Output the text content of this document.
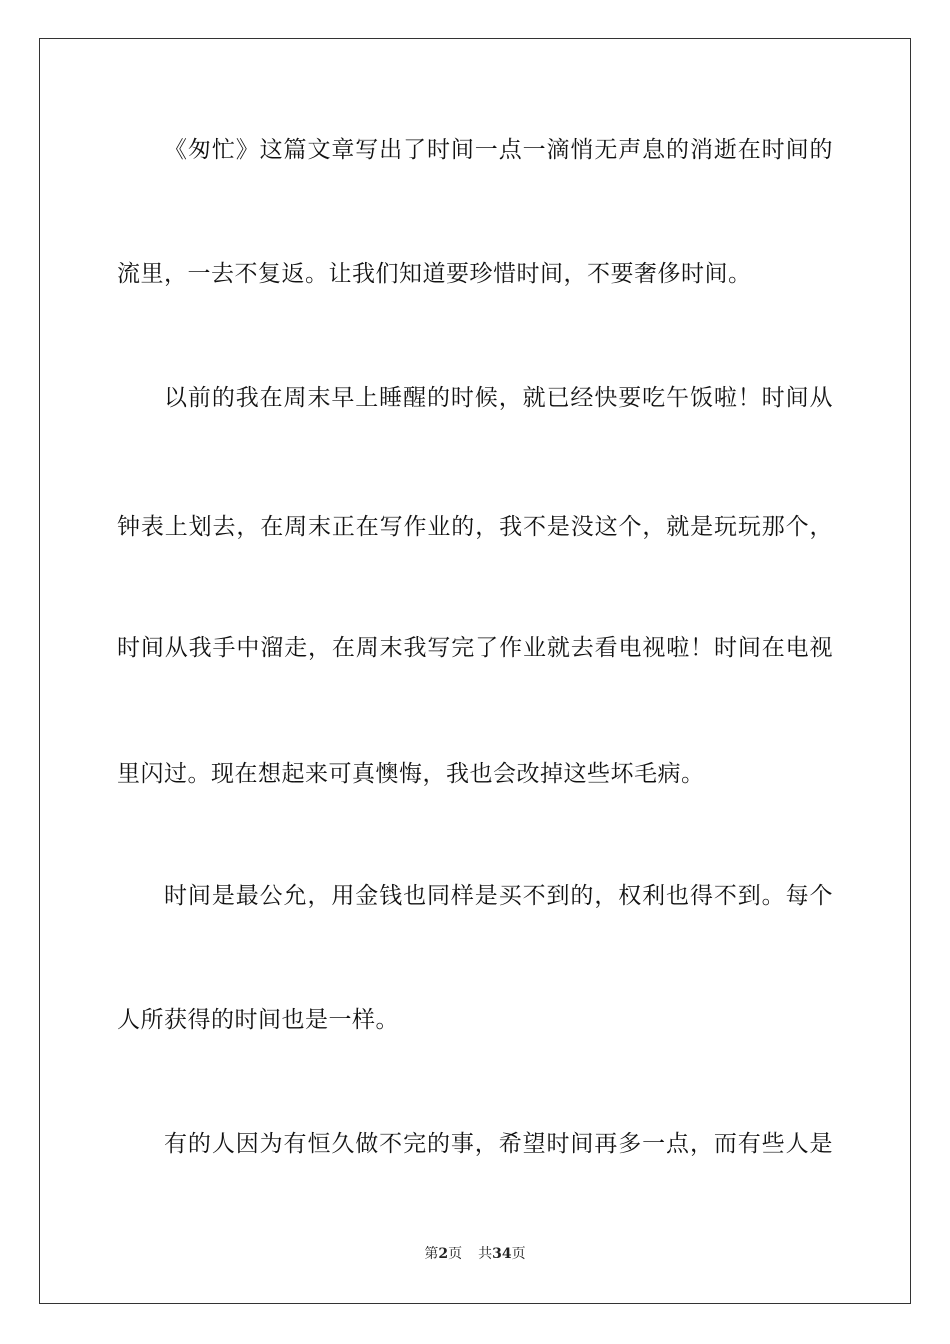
《匆忙》这篇文章写出了时间一点一滴悄无声息的消逝在时间的
流里，一去不复返。让我们知道要珍惜时间，不要奢侈时间。
以前的我在周末早上睡醒的时候，就已经快要吃午饭啦！时间从
钟表上划去，在周末正在写作业的，我不是没这个，就是玩玩那个，
时间从我手中溜走，在周末我写完了作业就去看电视啦！时间在电视
里闪过。现在想起来可真懊悔，我也会改掉这些坏毛病。
时间是最公允，用金钱也同样是买不到的，权利也得不到。每个
人所获得的时间也是一样。
有的人因为有恒久做不完的事，希望时间再多一点，而有些人是
第2页 共34页
